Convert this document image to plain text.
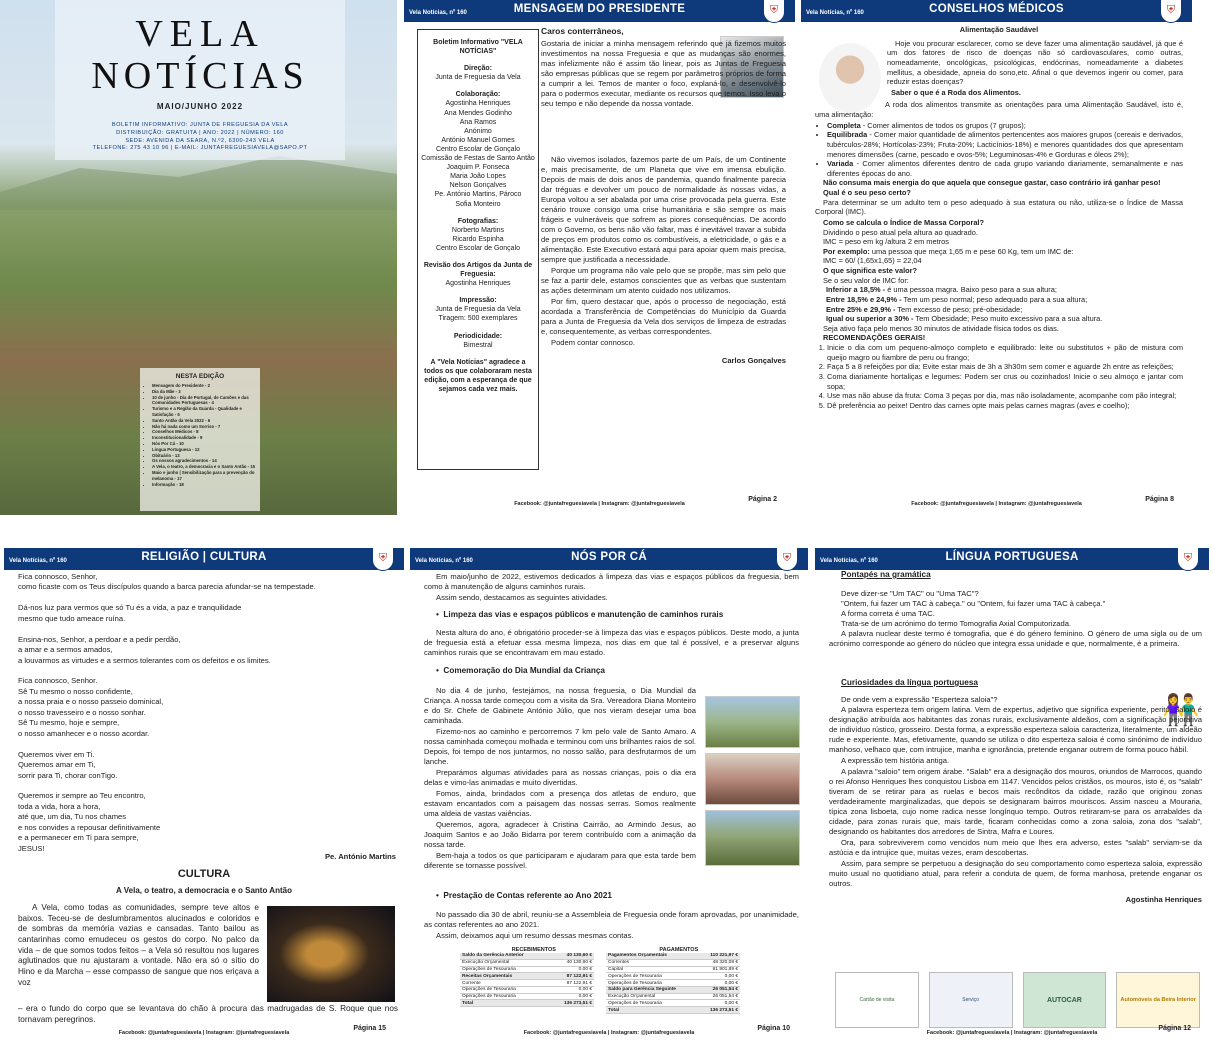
VELA
NOTÍCIAS
MAIO/JUNHO 2022
BOLETIM INFORMATIVO: JUNTA DE FREGUESIA DA VELA
DISTRIBUIÇÃO: GRATUITA | ANO: 2022 | NÚMERO: 160
SEDE: AVENIDA DA SEARA, N.º2, 6300-243 VELA
TELEFONE: 275 43 10 96 | E-MAIL: JUNTAFREGUESIAVELA@SAPO.PT
NESTA EDIÇÃO
• Mensagem do Presidente - 2
• Dia da Mãe - 3
• 10 de junho - Dia de Portugal, de Camões e das Comunidades Portuguesas - 4
• Turismo e a Região da Guarda - Qualidade e Satisfação - 5
• Santo Antão da Vela 2022 - 6
• Não há nada como um Sorriso - 7
• Conselhos Médicos - 8
• Inconstitucionalidade - 9
• Nós Por Cá - 10
• Língua Portuguesa - 12
• Obituário - 13
• Os nossos agradecimentos - 14
• A Vela, o teatro, a democracia e o Santo Antão - 15
• Maio e junho | Sensibilização para a prevenção do melanoma - 17
• Informação - 18
Vela Notícias, nº 160	MENSAGEM DO PRESIDENTE	⛨
Boletim Informativo "VELA NOTÍCIAS"
Direção:
Junta de Freguesia da Vela
Colaboração:
Agostinha Henriques
Ana Mendes Godinho
Ana Ramos
Anónimo
António Manuel Gomes
Centro Escolar de Gonçalo
Comissão de Festas de Santo Antão
Joaquim P. Fonseca
Maria João Lopes
Nelson Gonçalves
Pe. António Martins, Pároco
Sofia Monteiro
Fotografias:
Norberto Martins
Ricardo Espinha
Centro Escolar de Gonçalo
Revisão dos Artigos da Junta de Freguesia:
Agostinha Henriques
Impressão:
Junta de Freguesia da Vela
Tiragem: 500 exemplares
Periodicidade:
Bimestral
A "Vela Notícias" agradece a todos os que colaboraram nesta edição, com a esperança de que sejamos cada vez mais.
Caros conterrâneos,

Gostaria de iniciar a minha mensagem referindo que já fizemos muitos investimentos na nossa Freguesia e que as mudanças são enormes, mas infelizmente não é assim tão linear, pois as Juntas de Freguesia são empresas públicas que se regem por parâmetros próprios de forma a cumprir a lei. Temos de manter o foco, explaná-lo, e desenvolvê-lo para o podermos executar, mediante os recursos que temos. Isso leva o seu tempo e não depende da nossa vontade.

Não vivemos isolados, fazemos parte de um País, de um Continente e, mais precisamente, de um Planeta que vive em imensa ebulição. Depois de mais de dois anos de pandemia, quando finalmente parecia dar tréguas e devolver um pouco de normalidade às nossas vidas, a Europa voltou a ser abalada por uma crise provocada pela guerra. Este cenário trouxe consigo uma crise humanitária e são sempre os mais frágeis e vulneráveis que sofrem as piores consequências. De acordo com o Governo, os bens não vão faltar, mas é inevitável travar a subida de preços em produtos como os combustíveis, a eletricidade, o gás e a alimentação. Este Executivo estará aqui para apoiar quem mais precisa, sempre que justificada a necessidade.

Porque um programa não vale pelo que se propõe, mas sim pelo que se faz a partir dele, estamos conscientes que as verbas que sustentam as ações determinam um atento cuidado nos utilizamos.

Por fim, quero destacar que, após o processo de negociação, está acordada a Transferência de Competências do Município da Guarda para a Junta de Freguesia da Vela dos serviços de limpeza de estradas e, consequentemente, as verbas correspondentes.

Podem contar connosco.

Carlos Gonçalves
Facebook: @juntafreguesiavela | Instagram: @juntafreguesiavela
Página 2
Vela Notícias, nº 160	CONSELHOS MÉDICOS	⛨
Alimentação Saudável

Hoje vou procurar esclarecer, como se deve fazer uma alimentação saudável, já que é um dos fatores de risco de doenças não só cardiovasculares, como outras, nomeadamente, oncológicas, psicológicas, endócrinas, nomeadamente a diabetes mellitus, a obesidade, apneia do sono,etc. Afinal o que devemos ingerir ou comer, para reduzir estas doenças?

Saber o que é a Roda dos Alimentos.

A roda dos alimentos transmite as orientações para uma Alimentação Saudável, isto é, uma alimentação:

• Completa - Comer alimentos de todos os grupos (7 grupos);
• Equilibrada - Comer maior quantidade de alimentos pertencentes aos maiores grupos (cereais e derivados, tubérculos-28%; Hortícolas-23%; Fruta-20%; Lacticínios-18%) e menores quantidades dos que apresentam menores dimensões (carne, pescado e ovos-5%; Leguminosas-4% e Gorduras e óleos 2%);
• Variada - Comer alimentos diferentes dentro de cada grupo variando diariamente, semanalmente e nas diferentes épocas do ano.
Não consuma mais energia do que aquela que consegue gastar, caso contrário irá ganhar peso!
Qual é o seu peso certo?

Para determinar se um adulto tem o peso adequado à sua estatura ou não, utiliza-se o Índice de Massa Corporal (IMC).

Como se calcula o Índice de Massa Corporal?
Dividindo o peso atual pela altura ao quadrado.
IMC = peso em kg /altura 2 em metros
Por exemplo: uma pessoa que meça 1,65 m e pese 60 Kg, tem um IMC de:
IMC = 60/ (1,65x1,65) = 22,04
O que significa este valor?
Se o seu valor de IMC for:
Inferior a 18,5% - é uma pessoa magra. Baixo peso para a sua altura;
Entre 18,5% e 24,9% - Tem um peso normal; peso adequado para a sua altura;
Entre 25% e 29,9% - Tem excesso de peso; pré-obesidade;
Igual ou superior a 30% - Tem Obesidade; Peso muito excessivo para a sua altura.
Seja ativo faça pelo menos 30 minutos de atividade física todos os dias.
RECOMENDAÇÕES GERAIS!
1. Inicie o dia com um pequeno-almoço completo e equilibrado: leite ou substitutos + pão de mistura com queijo magro ou fiambre de peru ou frango;
2. Faça 5 a 8 refeições por dia: Evite estar mais de 3h a 3h30m sem comer e aguarde 2h entre as refeições;
3. Coma diariamente hortaliças e legumes: Podem ser crus ou cozinhados! Inicie o seu almoço e jantar com sopa;
4. Use mas não abuse da fruta: Coma 3 peças por dia, mas não isoladamente, acompanhe com pão integral;
5. Dê preferência ao peixe! Dentro das carnes opte mais pelas carnes magras (aves e coelho);
Facebook: @juntafreguesiavela | Instagram: @juntafreguesiavela
Página 8
Vela Notícias, nº 160	RELIGIÃO | CULTURA	⛨
Fica connosco, Senhor,
como ficaste com os Teus discípulos quando a barca parecia afundar-se na tempestade.
Dá-nos luz para vermos que só Tu és a vida, a paz e tranquilidade
mesmo que tudo ameace ruína.
Ensina-nos, Senhor, a perdoar e a pedir perdão,
a amar e a sermos amados,
a louvarmos as virtudes e a sermos tolerantes com os defeitos e os limites.
Fica connosco, Senhor.
Sê Tu mesmo o nosso confidente,
a nossa praia e o nosso passeio dominical,
o nosso travesseiro e o nosso sonhar.
Sê Tu mesmo, hoje e sempre,
o nosso amanhecer e o nosso acordar.
Queremos viver em Ti.
Queremos amar em Ti,
sorrir para Ti, chorar conTigo.
Queremos ir sempre ao Teu encontro,
toda a vida, hora a hora,
até que, um dia, Tu nos chames
e nos convides a repousar definitivamente
e a permanecer em Ti para sempre,
JESUS!
Pe. António Martins
CULTURA
A Vela, o teatro, a democracia e o Santo Antão
A Vela, como todas as comunidades, sempre teve altos e baixos. Teceu-se de deslumbramentos alucinados e coloridos e de sombras da memória vazias e cansadas. Tanto bailou as cantarinhas como emudeceu os gestos do corpo. No palco da vida – de que somos todos feitos – a Vela só resultou nos lugares aglutinados que nu ajustaram a vontade. Não era só o sítio do Hino e da Marcha – esse compasso de sangue que nos eriçava a voz
– era o fundo do corpo que se levantava do chão à procura das madrugadas de S. Roque que nos tornavam peregrinos.
Facebook: @juntafreguesiavela | Instagram: @juntafreguesiavela
Página 15
Vela Notícias, nº 160	NÓS POR CÁ	⛨

Em maio/junho de 2022, estivemos dedicados à limpeza das vias e espaços públicos da freguesia, bem como à manutenção de alguns caminhos rurais.

Assim sendo, destacamos as seguintes atividades.

•  Limpeza das vias e espaços públicos e manutenção de caminhos rurais

Nesta altura do ano, é obrigatório proceder-se à limpeza das vias e espaços públicos. Deste modo, a junta de freguesia está a efetuar essa mesma limpeza, nos dias em que tal é possível, e a preservar alguns caminhos rurais que se encontravam em mau estado.

•  Comemoração do Dia Mundial da Criança

No dia 4 de junho, festejámos, na nossa freguesia, o Dia Mundial da Criança. A nossa tarde começou com a visita da Sra. Vereadora Diana Monteiro e do Sr. Chefe de Gabinete António Júlio, que nos vieram desejar uma boa caminhada.

Fizemo-nos ao caminho e percorremos 7 km pelo vale de Santo Amaro. A nossa caminhada começou molhada e terminou com uns brilhantes raios de sol. Depois, foi tempo de nos juntarmos, no nosso salão, para desfrutarmos de um lanche.

Preparámos algumas atividades para as nossas crianças, pois o dia era delas e vimo-las animadas e muito divertidas.

Fomos, ainda, brindados com a presença dos atletas de enduro, que estavam encantados com a paisagem das nossas serras. Somos realmente uma aldeia de vastas vaiências.

Queremos, agora, agradecer à Cristina Cairrão, ao Armindo Jesus, ao Joaquim Santos e ao João Bidarra por terem contribuído com a animação da nossa tarde.

Bem-haja a todos os que participaram e ajudaram para que esta tarde bem diferente se tornasse possível.

•  Prestação de Contas referente ao Ano 2021

No passado dia 30 de abril, reuniu-se a Assembleia de Freguesia onde foram aprovadas, por unanimidade, as contas referentes ao ano 2021.

Assim, deixamos aqui um resumo dessas mesmas contas.

RECEBIMENTOS	PAGAMENTOS
Saldo da Gerência Anterior	40 130,60 €
Execução Orçamental	40 130,60 €
Operações de Tesouraria	0,00 €
Receitas Orçamentais	87 122,91 €
Corrente	87 122,91 €
Operações de Tesouraria	0,00 €
Operações de Tesouraria	0,00 €
Total	136 273,51 €
Pagamentos Orçamentais	110 221,97 €
Correntes	48 320,08 €
Capital	61 901,89 €
Operações de Tesouraria	0,00 €
Operações de Tesouraria	0,00 €
Saldo para Gerência Seguinte	26 051,54 €
Execução Orçamental	26 051,54 €
Operações de Tesouraria	0,00 €
Total	136 273,51 €
Facebook: @juntafreguesiavela | Instagram: @juntafreguesiavela
Página 10
Vela Notícias, nº 160	LÍNGUA PORTUGUESA	⛨
Pontapés na gramática
Deve dizer-se "Um TAC" ou "Uma TAC"?
"Ontem, fui fazer um TAC à cabeça." ou "Ontem, fui fazer uma TAC à cabeça."
A forma correta é uma TAC.
Trata-se de um acrónimo do termo Tomografia Axial Computorizada.

A palavra nuclear deste termo é tomografia, que é do género feminino. O género de uma sigla ou de um acrónimo corresponde ao género do núcleo que integra essa unidade e que, normalmente, é a primeira.

Curiosidades da língua portuguesa
👫
De onde vem a expressão "Esperteza saloia"?

A palavra esperteza tem origem latina. Vem de expertus, adjetivo que significa experiente, perito. Saloio é designação atribuída aos habitantes das zonas rurais, exclusivamente aldeãos, com a significação pejorativa de indivíduo rústico, grosseiro. Desta forma, a expressão esperteza saloia caracteriza, literalmente, um aldeão rude e experiente. Mas, efetivamente, quando se utiliza o dito esperteza saloia é como sinónimo de indivíduo manhoso, velhaco que, com intrujice, manha e ignorância, pretende enganar outrem de forma pouco hábil.

A expressão tem história antiga.

A palavra "saloio" tem origem árabe. "Salab" era a designação dos mouros, oriundos de Marrocos, quando o rei Afonso Henriques lhes conquistou Lisboa em 1147. Vencidos pelos cristãos, os mouros, isto é, os "salab" tiveram de se retirar para as ruelas e becos mais recônditos da cidade, razão que originou zonas verdadeiramente marginalizadas, que depois se designaram bairros mouriscos. Assim nasceu a Mouraria, típica zona lisboeta, cujo nome radica nesse longínquo tempo. Outros retiraram-se para os arrabaldes da cidade, para zonas rurais que, mais tarde, ficaram conhecidas como a zona saloia, zona dos "salab", designando os habitantes dos arredores de Sintra, Mafra e Loures.

Ora, para sobreviverem como vencidos num meio que lhes era adverso, estes "salab" serviam-se da astúcia e da intrujice que, muitas vezes, eram descobertas.

Assim, para sempre se perpetuou a designação do seu comportamento como esperteza saloia, expressão muito usual no quotidiano atual, para referir a conduta de quem, de forma manhosa, pretende enganar os outros.

Agostinha Henriques
Cartão de visita	Serviço	AUTOCAR	Automóveis da Beira Interior
Facebook: @juntafreguesiavela | Instagram: @juntafreguesiavela
Página 12
